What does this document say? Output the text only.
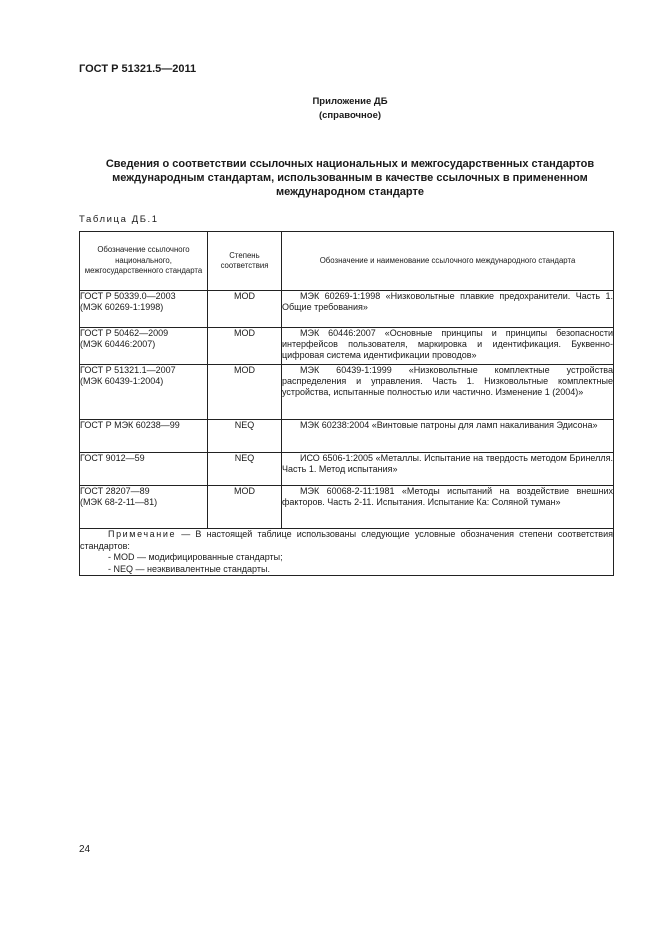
ГОСТ Р 51321.5—2011
Приложение ДБ
(справочное)
Сведения о соответствии ссылочных национальных и межгосударственных стандартов
международным стандартам, использованным в качестве ссылочных в примененном
международном стандарте
Таблица ДБ.1
Обозначение ссылочного национального, межгосударственного стандарта	Степень соответствия	Обозначение и наименование ссылочного международного стандарта

ГОСТ Р 50339.0—2003
(МЭК 60269-1:1998)	MOD	МЭК 60269-1:1998 «Низковольтные плавкие предохранители. Часть 1. Общие требования»

ГОСТ Р 50462—2009
(МЭК 60446:2007)	MOD	МЭК 60446:2007 «Основные принципы и принципы безопасности интерфейсов пользователя, маркировка и идентификация. Буквенно-цифровая система идентификации проводов»

ГОСТ Р 51321.1—2007
(МЭК 60439-1:2004)	MOD	МЭК 60439-1:1999 «Низковольтные комплектные устройства распределения и управления. Часть 1. Низковольтные комплектные устройства, испытанные полностью или частично. Изменение 1 (2004)»

ГОСТ Р МЭК 60238—99	NEQ	МЭК 60238:2004 «Винтовые патроны для ламп накаливания Эдисона»

ГОСТ 9012—59	NEQ	ИСО 6506-1:2005 «Металлы. Испытание на твердость методом Бринелля. Часть 1. Метод испытания»

ГОСТ 28207—89
(МЭК 68-2-11—81)	MOD	МЭК 60068-2-11:1981 «Методы испытаний на воздействие внешних факторов. Часть 2-11. Испытания. Испытание Ка: Соляной туман»

Примечание — В настоящей таблице использованы следующие условные обозначения степени соответствия стандартов:
- MOD — модифицированные стандарты;
- NEQ — неэквивалентные стандарты.		
24
